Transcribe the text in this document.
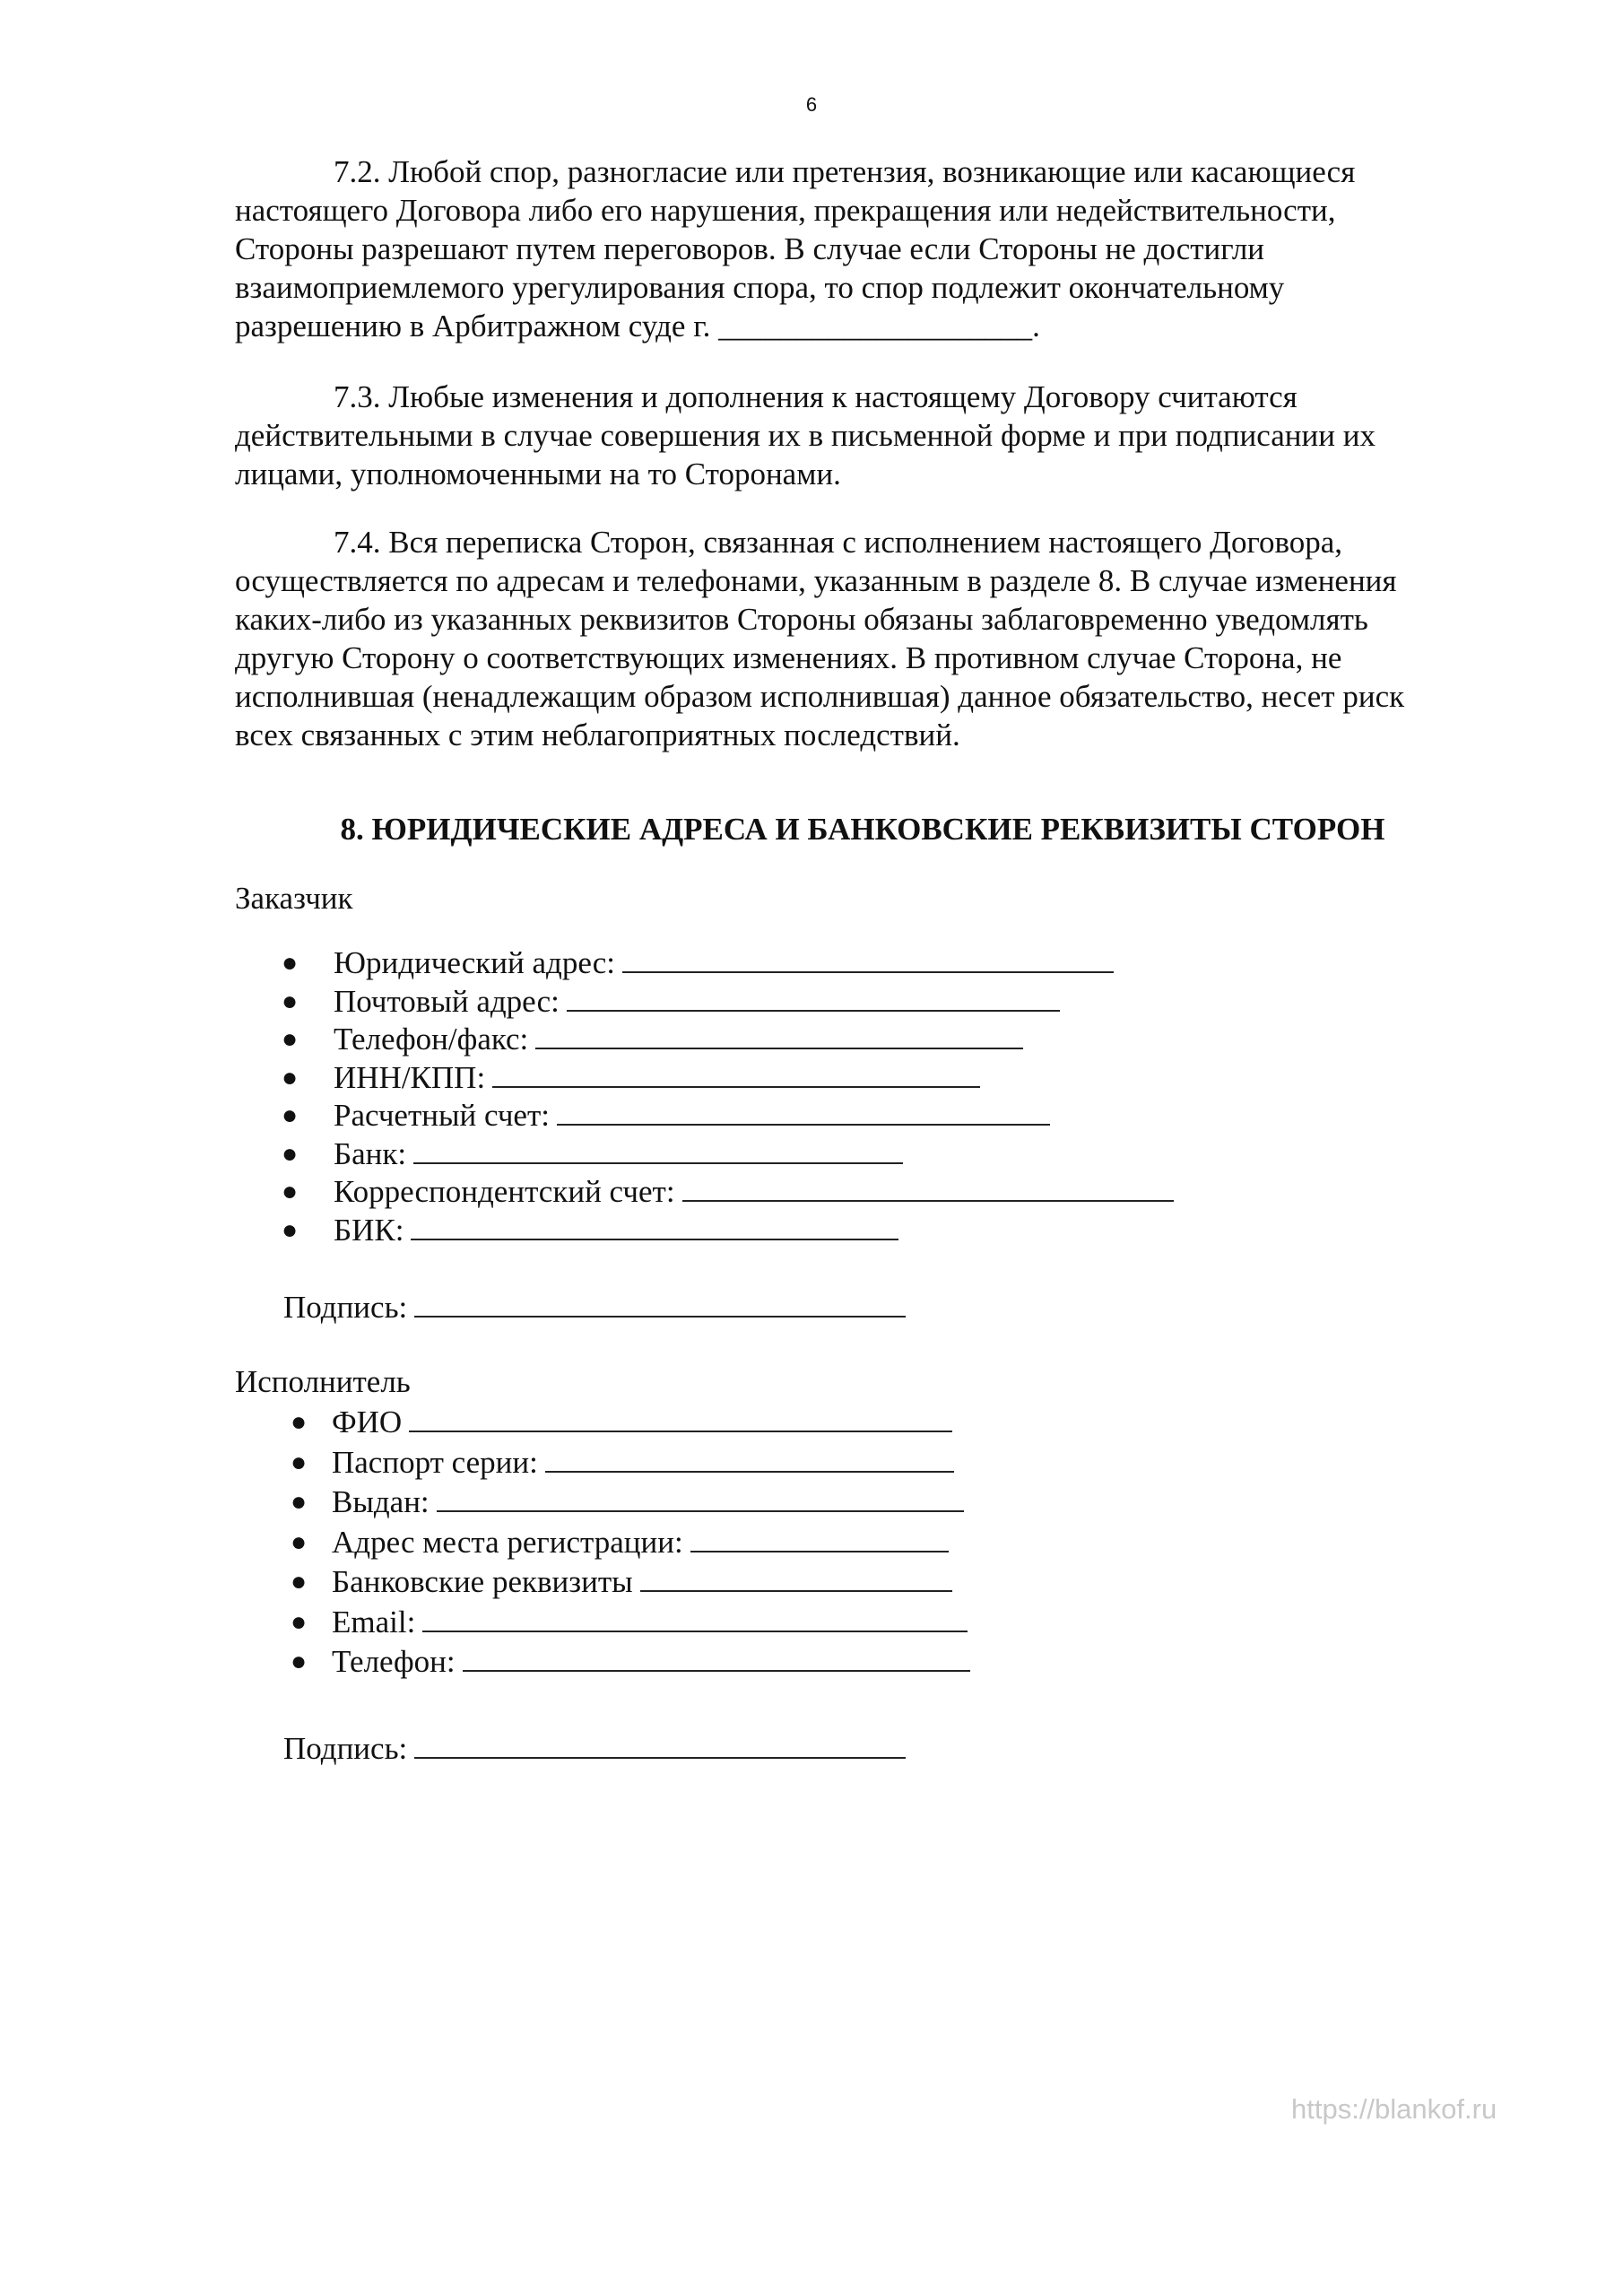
6

7.2. Любой спор, разногласие или претензия, возникающие или касающиеся настоящего Договора либо его нарушения, прекращения или недействительности, Стороны разрешают путем переговоров. В случае если Стороны не достигли взаимоприемлемого урегулирования спора, то спор подлежит окончательному разрешению в Арбитражном суде г. ____________________.

7.3. Любые изменения и дополнения к настоящему Договору считаются действительными в случае совершения их в письменной форме и при подписании их лицами, уполномоченными на то Сторонами.

7.4. Вся переписка Сторон, связанная с исполнением настоящего Договора, осуществляется по адресам и телефонами, указанным в разделе 8. В случае изменения каких-либо из указанных реквизитов Стороны обязаны заблаговременно уведомлять другую Сторону о соответствующих изменениях. В противном случае Сторона, не исполнившая (ненадлежащим образом исполнившая) данное обязательство, несет риск всех связанных с этим неблагоприятных последствий.

8. ЮРИДИЧЕСКИЕ АДРЕСА И БАНКОВСКИЕ РЕКВИЗИТЫ СТОРОН

Заказчик

● Юридический адрес:
● Почтовый адрес:
● Телефон/факс:
● ИНН/КПП:
● Расчетный счет:
● Банк:
● Корреспондентский счет:
● БИК:

Подпись:

Исполнитель

● ФИО
● Паспорт серии:
● Выдан:
● Адрес места регистрации:
● Банковские реквизиты
● Email:
● Телефон:

Подпись:

https://blankof.ru
